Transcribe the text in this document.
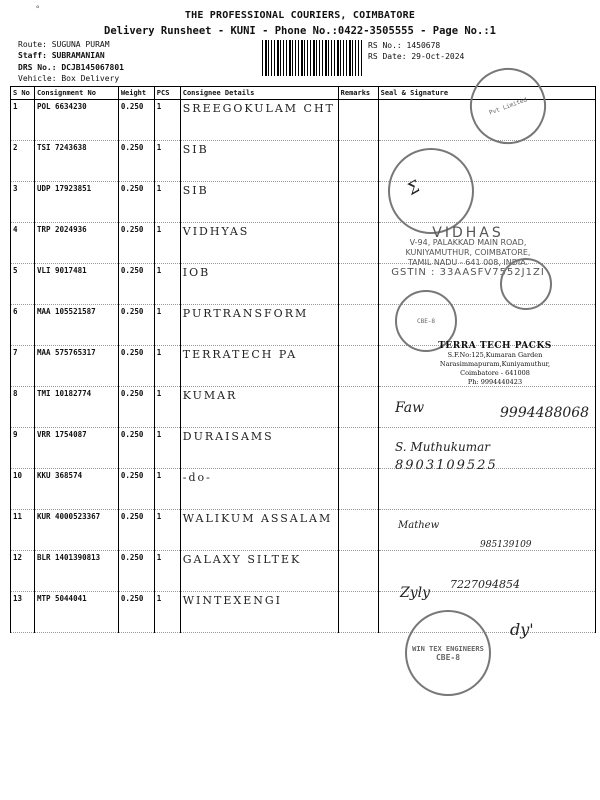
°	THE PROFESSIONAL COURIERS, COIMBATORE
Delivery Runsheet - KUNI - Phone No.:0422-3505555 - Page No.:1
Route: SUGUNA PURAM
Staff: SUBRAMANIAN
DRS No.: DCJB145067801
Vehicle: Box Delivery
RS No.: 1450678
RS Date: 29-Oct-2024
S No	Consignment No	Weight	PCS	Consignee Details	Remarks	Seal & Signature
1	POL 6634230	0.250	1	SREEGOKULAM CHT		
2	TSI 7243638	0.250	1	SIB		
3	UDP 17923851	0.250	1	SIB		
4	TRP 2024936	0.250	1	VIDHYAS		
5	VLI 9017481	0.250	1	IOB		
6	MAA 105521587	0.250	1	PURTRANSFORM		
7	MAA 575765317	0.250	1	TERRATECH PA		
8	TMI 10182774	0.250	1	KUMAR		
9	VRR 1754087	0.250	1	DURAISAMS		
10	KKU 368574	0.250	1	-do-		
11	KUR 4000523367	0.250	1	WALIKUM ASSALAM		
12	BLR 1401390813	0.250	1	GALAXY SILTEK		
13	MTP 5044041	0.250	1	WINTEXENGI		
Pvt Limited
Ʃ
VIDHAS
V-94, PALAKKAD MAIN ROAD,
KUNIYAMUTHUR, COIMBATORE,
TAMIL NADU - 641 008, INDIA.
GSTIN : 33AASFV7552J1ZI
CBE-8
TERRA TECH PACKS
S.F.No:125,Kumaran Garden
Narasimmapuram,Kuniyamuthur,
Coimbatore - 641008
Ph: 9994440423
9994488068
Faw
S. Muthukumar
8903109525
Mathew
985139109
Zyly
7227094854
WIN TEX ENGINEERS
CBE-8
dy'
